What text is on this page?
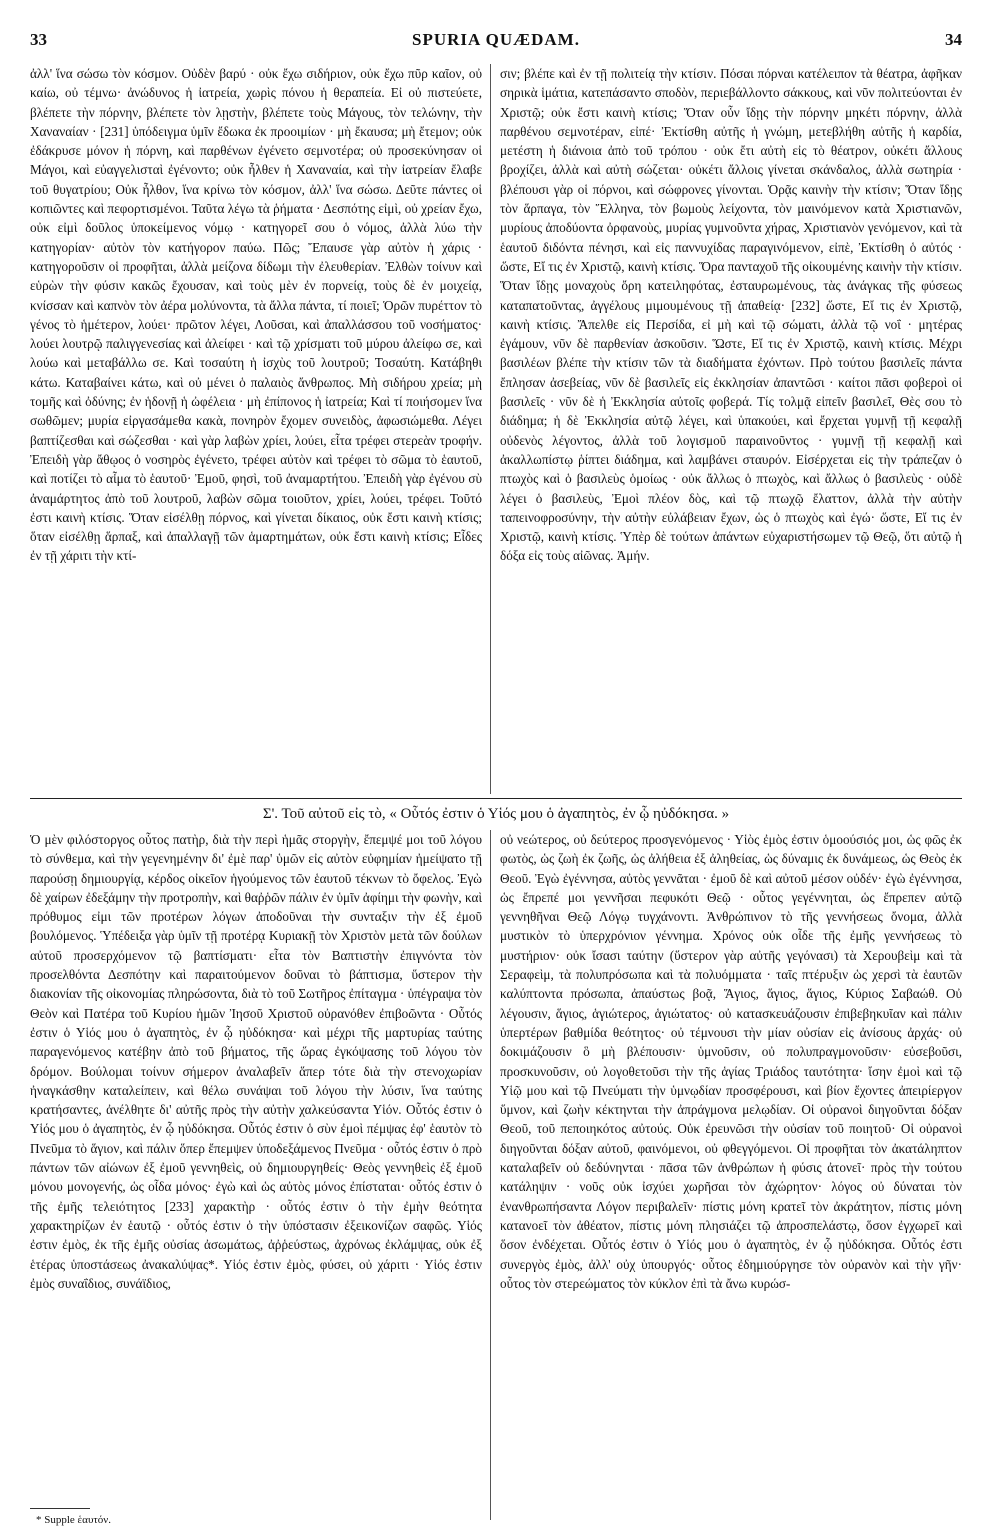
33	SPURIA QUÆDAM.	34

ἀλλ' ἵνα σώσω τὸν κόσμον. Οὐδὲν βαρύ · οὐκ ἔχω σιδήριον, οὐκ ἔχω πῦρ καῖον, οὐ καίω, οὐ τέμνω· ἀνώδυνος ἡ ἰατρεία, χωρὶς πόνου ἡ θεραπεία. Εἰ οὐ πιστεύετε, βλέπετε τὴν πόρνην, βλέπετε τὸν λῃστὴν, βλέπετε τοὺς Μάγους, τὸν τελώνην, τὴν Χαναναίαν · [231] ὑπόδειγμα ὑμῖν ἔδωκα ἐκ προοιμίων · μὴ ἔκαυσα; μὴ ἔτεμον; οὐκ ἐδάκρυσε μόνον ἡ πόρνη, καὶ παρθένων ἐγένετο σεμνοτέρα; οὐ προσεκύνησαν οἱ Μάγοι, καὶ εὐαγγελισταὶ ἐγένοντο; οὐκ ἦλθεν ἡ Χαναναία, καὶ τὴν ἰατρείαν ἔλαβε τοῦ θυγατρίου; Οὐκ ἦλθον, ἵνα κρίνω τὸν κόσμον, ἀλλ' ἵνα σώσω. Δεῦτε πάντες οἱ κοπιῶντες καὶ πεφορτισμένοι. Ταῦτα λέγω τὰ ῥήματα · Δεσπότης εἰμὶ, οὐ χρείαν ἔχω, οὐκ εἰμὶ δοῦλος ὑποκείμενος νόμῳ · κατηγορεῖ σου ὁ νόμος, ἀλλὰ λύω τὴν κατηγορίαν· αὐτὸν τὸν κατήγορον παύω. Πῶς; Ἔπαυσε γὰρ αὐτὸν ἡ χάρις · κατηγοροῦσιν οἱ προφῆται, ἀλλὰ μείζονα δίδωμι τὴν ἐλευθερίαν. Ἐλθὼν τοίνυν καὶ εὑρὼν τὴν φύσιν κακῶς ἔχουσαν, καὶ τοὺς μὲν ἐν πορνείᾳ, τοὺς δὲ ἐν μοιχείᾳ, κνίσσαν καὶ καπνὸν τὸν ἀέρα μολύνοντα, τὰ ἄλλα πάντα, τί ποιεῖ; Ὁρῶν πυρέττον τὸ γένος τὸ ἡμέτερον, λούει· πρῶτον λέγει, Λοῦσαι, καὶ ἀπαλλάσσου τοῦ νοσήματος· λούει λουτρῷ παλιγγενεσίας καὶ ἀλείφει · καὶ τῷ χρίσματι τοῦ μύρου ἀλείφω σε, καὶ λούω καὶ μεταβάλλω σε. Καὶ τοσαύτη ἡ ἰσχὺς τοῦ λουτροῦ; Τοσαύτη. Κατάβηθι κάτω. Καταβαίνει κάτω, καὶ οὐ μένει ὁ παλαιὸς ἄνθρωπος. Μὴ σιδήρου χρεία; μὴ τομῆς καὶ ὀδύνης; ἐν ἡδονῇ ἡ ὠφέλεια · μὴ ἐπίπονος ἡ ἰατρεία; Καὶ τί ποιήσομεν ἵνα σωθῶμεν; μυρία εἰργασάμεθα κακὰ, πονηρὸν ἔχομεν συνειδὸς, ἀφωσιώμεθα. Λέγει βαπτίζεσθαι καὶ σώζεσθαι · καὶ γὰρ λαβὼν χρίει, λούει, εἶτα τρέφει στερεὰν τροφήν. Ἐπειδὴ γὰρ ἄθῳος ὁ νοσηρὸς ἐγένετο, τρέφει αὐτὸν καὶ τρέφει τὸ σῶμα τὸ ἑαυτοῦ, καὶ ποτίζει τὸ αἷμα τὸ ἑαυτοῦ· Ἐμοῦ, φησὶ, τοῦ ἀναμαρτήτου. Ἐπειδὴ γὰρ ἐγένου σὺ ἀναμάρτητος ἀπὸ τοῦ λουτροῦ, λαβὼν σῶμα τοιοῦτον, χρίει, λούει, τρέφει. Τοῦτό ἐστι καινὴ κτίσις. Ὅταν εἰσέλθῃ πόρνος, καὶ γίνεται δίκαιος, οὐκ ἔστι καινὴ κτίσις; ὅταν εἰσέλθῃ ἅρπαξ, καὶ ἀπαλλαγῇ τῶν ἁμαρτημάτων, οὐκ ἔστι καινὴ κτίσις; Εἶδες ἐν τῇ χάριτι τὴν κτί-

σιν; βλέπε καὶ ἐν τῇ πολιτείᾳ τὴν κτίσιν. Πόσαι πόρναι κατέλειπον τὰ θέατρα, ἀφῆκαν σηρικὰ ἱμάτια, κατεπάσαντο σποδὸν, περιεβάλλοντο σάκκους, καὶ νῦν πολιτεύονται ἐν Χριστῷ; οὐκ ἔστι καινὴ κτίσις; Ὅταν οὖν ἴδῃς τὴν πόρνην μηκέτι πόρνην, ἀλλὰ παρθένου σεμνοτέραν, εἰπέ· Ἐκτίσθη αὐτῆς ἡ γνώμη, μετεβλήθη αὐτῆς ἡ καρδία, μετέστη ἡ διάνοια ἀπὸ τοῦ τρόπου · οὐκ ἔτι αὐτὴ εἰς τὸ θέατρον, οὐκέτι ἄλλους βροχίζει, ἀλλὰ καὶ αὐτὴ σώζεται· οὐκέτι ἄλλοις γίνεται σκάνδαλος, ἀλλὰ σωτηρία · βλέπουσι γὰρ οἱ πόρνοι, καὶ σώφρονες γίνονται. Ὁρᾷς καινὴν τὴν κτίσιν; Ὅταν ἴδῃς τὸν ἅρπαγα, τὸν Ἕλληνα, τὸν βωμοὺς λείχοντα, τὸν μαινόμενον κατὰ Χριστιανῶν, μυρίους ἀποδύοντα ὀρφανοὺς, μυρίας γυμνοῦντα χήρας, Χριστιανὸν γενόμενον, καὶ τὰ ἑαυτοῦ διδόντα πένησι, καὶ εἰς παννυχίδας παραγινόμενον, εἰπὲ, Ἐκτίσθη ὁ αὐτός · ὥστε, Εἴ τις ἐν Χριστῷ, καινὴ κτίσις. Ὅρα πανταχοῦ τῆς οἰκουμένης καινὴν τὴν κτίσιν. Ὅταν ἴδῃς μοναχοὺς ὄρη κατειληφότας, ἐσταυρωμένους, τὰς ἀνάγκας τῆς φύσεως καταπατοῦντας, ἀγγέλους μιμουμένους τῇ ἀπαθείᾳ· [232] ὥστε, Εἴ τις ἐν Χριστῷ, καινὴ κτίσις. Ἄπελθε εἰς Περσίδα, εἰ μὴ καὶ τῷ σώματι, ἀλλὰ τῷ νοΐ · μητέρας ἐγάμουν, νῦν δὲ παρθενίαν ἀσκοῦσιν. Ὥστε, Εἴ τις ἐν Χριστῷ, καινὴ κτίσις. Μέχρι βασιλέων βλέπε τὴν κτίσιν τῶν τὰ διαδήματα ἐχόντων. Πρὸ τούτου βασιλεῖς πάντα ἔπλησαν ἀσεβείας, νῦν δὲ βασιλεῖς εἰς ἐκκλησίαν ἀπαντῶσι · καίτοι πᾶσι φοβεροὶ οἱ βασιλεῖς · νῦν δὲ ἡ Ἐκκλησία αὐτοῖς φοβερά. Τίς τολμᾷ εἰπεῖν βασιλεῖ, Θὲς σου τὸ διάδημα; ἡ δὲ Ἐκκλησία αὐτῷ λέγει, καὶ ὑπακούει, καὶ ἔρχεται γυμνῇ τῇ κεφαλῇ οὐδενὸς λέγοντος, ἀλλὰ τοῦ λογισμοῦ παραινοῦντος · γυμνῇ τῇ κεφαλῇ καὶ ἀκαλλωπίστῳ ῥίπτει διάδημα, καὶ λαμβάνει σταυρόν. Εἰσέρχεται εἰς τὴν τράπεζαν ὁ πτωχὸς καὶ ὁ βασιλεὺς ὁμοίως · οὐκ ἄλλως ὁ πτωχὸς, καὶ ἄλλως ὁ βασιλεὺς · οὐδὲ λέγει ὁ βασιλεὺς, Ἐμοὶ πλέον δὸς, καὶ τῷ πτωχῷ ἔλαττον, ἀλλὰ τὴν αὐτὴν ταπεινοφροσύνην, τὴν αὐτὴν εὐλάβειαν ἔχων, ὡς ὁ πτωχὸς καὶ ἐγώ· ὥστε, Εἴ τις ἐν Χριστῷ, καινὴ κτίσις. Ὑπὲρ δὲ τούτων ἁπάντων εὐχαριστήσωμεν τῷ Θεῷ, ὅτι αὐτῷ ἡ δόξα εἰς τοὺς αἰῶνας. Ἀμήν.

Σ'. Τοῦ αὐτοῦ εἰς τὸ, « Οὗτός ἐστιν ὁ Υἱός μου ὁ ἀγαπητὸς, ἐν ᾧ ηὐδόκησα. »

Ὁ μὲν φιλόστοργος οὗτος πατὴρ, διὰ τὴν περὶ ἡμᾶς στοργὴν, ἔπεμψέ μοι τοῦ λόγου τὸ σύνθεμα, καὶ τὴν γεγενημένην δι' ἐμὲ παρ' ὑμῶν εἰς αὐτὸν εὐφημίαν ἠμείψατο τῇ παρούσῃ δημιουργίᾳ, κέρδος οἰκεῖον ἡγούμενος τῶν ἑαυτοῦ τέκνων τὸ ὄφελος. Ἐγὼ δὲ χαίρων ἐδεξάμην τὴν προτροπὴν, καὶ θαῤῥῶν πάλιν ἐν ὑμῖν ἀφίημι τὴν φωνὴν, καὶ πρόθυμος εἰμι τῶν προτέρων λόγων ἀποδοῦναι τὴν συνταξιν τὴν ἐξ ἐμοῦ βουλόμενος. Ὑπέδειξα γὰρ ὑμῖν τῇ προτέρᾳ Κυριακῇ τὸν Χριστὸν μετὰ τῶν δούλων αὐτοῦ προσερχόμενον τῷ βαπτίσματι· εἶτα τὸν Βαπτιστὴν ἐπιγνόντα τὸν προσελθόντα Δεσπότην καὶ παραιτούμενον δοῦναι τὸ βάπτισμα, ὕστερον τὴν διακονίαν τῆς οἰκονομίας πληρώσοντα, διὰ τὸ τοῦ Σωτῆρος ἐπίταγμα · ὑπέγραψα τὸν Θεὸν καὶ Πατέρα τοῦ Κυρίου ἡμῶν Ἰησοῦ Χριστοῦ οὐρανόθεν ἐπιβοῶντα · Οὗτός ἐστιν ὁ Υἱός μου ὁ ἀγαπητὸς, ἐν ᾧ ηὐδόκησα· καὶ μέχρι τῆς μαρτυρίας ταύτης παραγενόμενος κατέβην ἀπὸ τοῦ βήματος, τῆς ὥρας ἐγκόψασης τοῦ λόγου τὸν δρόμον. Βούλομαι τοίνυν σήμερον ἀναλαβεῖν ἅπερ τότε διὰ τὴν στενοχωρίαν ἠναγκάσθην καταλείπειν, καὶ θέλω συνάψαι τοῦ λόγου τὴν λύσιν, ἵνα ταύτης κρατήσαντες, ἀνέλθητε δι' αὐτῆς πρὸς τὴν αὐτὴν χαλκεύσαντα Υἱόν. Οὗτός ἐστιν ὁ Υἱός μου ὁ ἀγαπητὸς, ἐν ᾧ ηὐδόκησα. Οὗτός ἐστιν ὁ σὺν ἐμοὶ πέμψας ἐφ' ἑαυτὸν τὸ Πνεῦμα τὸ ἅγιον, καὶ πάλιν ὅπερ ἔπεμψεν ὑποδεξάμενος Πνεῦμα · οὗτός ἐστιν ὁ πρὸ πάντων τῶν αἰώνων ἐξ ἐμοῦ γεννηθεὶς, οὐ δημιουργηθείς· Θεὸς γεννηθεὶς ἐξ ἐμοῦ μόνου μονογενής, ὡς οἶδα μόνος· ἐγὼ καὶ ὡς αὐτὸς μόνος ἐπίσταται· οὗτός ἐστιν ὁ τῆς ἐμῆς τελειότητος [233] χαρακτὴρ · οὗτός ἐστιν ὁ τὴν ἐμὴν θεότητα χαρακτηρίζων ἐν ἑαυτῷ · οὗτός ἐστιν ὁ τὴν ὑπόστασιν ἐξεικονίζων σαφῶς. Υἱός ἐστιν ἐμὸς, ἐκ τῆς ἐμῆς οὐσίας ἀσωμάτως, ἀῤῥεύστως, ἀχρόνως ἐκλάμψας, οὐκ ἐξ ἑτέρας ὑποστάσεως ἀνακαλύψας*. Υἱός ἐστιν ἐμὸς, φύσει, οὐ χάριτι · Υἱός ἐστιν ἐμὸς συναΐδιος, συνάϊδιος,

οὐ νεώτερος, οὐ δεύτερος προσγενόμενος · Υἱὸς ἐμὸς ἐστιν ὁμοούσιός μοι, ὡς φῶς ἐκ φωτὸς, ὡς ζωὴ ἐκ ζωῆς, ὡς ἀλήθεια ἐξ ἀληθείας, ὡς δύναμις ἐκ δυνάμεως, ὡς Θεὸς ἐκ Θεοῦ. Ἐγὼ ἐγέννησα, αὐτὸς γεννᾶται · ἐμοῦ δὲ καὶ αὐτοῦ μέσον οὐδέν· ἐγὼ ἐγέννησα, ὡς ἔπρεπέ μοι γεννῆσαι πεφυκότι Θεῷ · οὗτος γεγέννηται, ὡς ἔπρεπεν αὐτῷ γεννηθῆναι Θεῷ Λόγῳ τυγχάνοντι. Ἀνθρώπινον τὸ τῆς γεννήσεως ὄνομα, ἀλλὰ μυστικὸν τὸ ὑπερχρόνιον γέννημα. Χρόνος οὐκ οἶδε τῆς ἐμῆς γεννήσεως τὸ μυστήριον· οὐκ ἴσασι ταύτην (ὕστερον γὰρ αὐτῆς γεγόνασι) τὰ Χερουβεὶμ καὶ τὰ Σεραφεὶμ, τὰ πολυπρόσωπα καὶ τὰ πολυόμματα · ταῖς πτέρυξιν ὡς χερσὶ τὰ ἑαυτῶν καλύπτοντα πρόσωπα, ἀπαύστως βοᾷ, Ἅγιος, ἅγιος, ἅγιος, Κύριος Σαβαώθ. Οὐ λέγουσιν, ἅγιος, ἁγιώτερος, ἁγιώτατος· οὐ κατασκευάζουσιν ἐπιβεβηκυῖαν καὶ πάλιν ὑπερτέρων βαθμίδα θεότητος· οὐ τέμνουσι τὴν μίαν οὐσίαν εἰς ἀνίσους ἀρχάς· οὐ δοκιμάζουσιν ὃ μὴ βλέπουσιν· ὑμνοῦσιν, οὐ πολυπραγμονοῦσιν· εὐσεβοῦσι, προσκυνοῦσιν, οὐ λογοθετοῦσι τὴν τῆς ἁγίας Τριάδος ταυτότητα· ἴσην ἐμοὶ καὶ τῷ Υἱῷ μου καὶ τῷ Πνεύματι τὴν ὑμνῳδίαν προσφέρουσι, καὶ βίον ἔχοντες ἀπειρίεργον ὕμνον, καὶ ζωὴν κέκτηνται τὴν ἀπράγμονα μελῳδίαν. Οἱ οὐρανοὶ διηγοῦνται δόξαν Θεοῦ, τοῦ πεποιηκότος αὐτούς. Οὐκ ἐρευνῶσι τὴν οὐσίαν τοῦ ποιητοῦ· Οἱ οὐρανοὶ διηγοῦνται δόξαν αὐτοῦ, φαινόμενοι, οὐ φθεγγόμενοι. Οἱ προφῆται τὸν ἀκατάληπτον καταλαβεῖν οὐ δεδύνηνται · πᾶσα τῶν ἀνθρώπων ἡ φύσις ἀτονεῖ· πρὸς τὴν τούτου κατάληψιν · νοῦς οὐκ ἰσχύει χωρῆσαι τὸν ἀχώρητον· λόγος οὐ δύναται τὸν ἐνανθρωπήσαντα Λόγον περιβαλεῖν· πίστις μόνη κρατεῖ τὸν ἀκράτητον, πίστις μόνη κατανοεῖ τὸν ἀθέατον, πίστις μόνη πλησιάζει τῷ ἀπροσπελάστῳ, ὅσον ἐγχωρεῖ καὶ ὅσον ἐνδέχεται. Οὗτός ἐστιν ὁ Υἱός μου ὁ ἀγαπητὸς, ἐν ᾧ ηὐδόκησα. Οὗτός ἐστι συνεργὸς ἐμὸς, ἀλλ' οὐχ ὑπουργός· οὗτος ἐδημιούργησε τὸν οὐρανὸν καὶ τὴν γῆν· οὗτος τὸν στερεώματος τὸν κύκλον ἐπὶ τὰ ἄνω κυρώσ-

* Supple ἑαυτόν.
